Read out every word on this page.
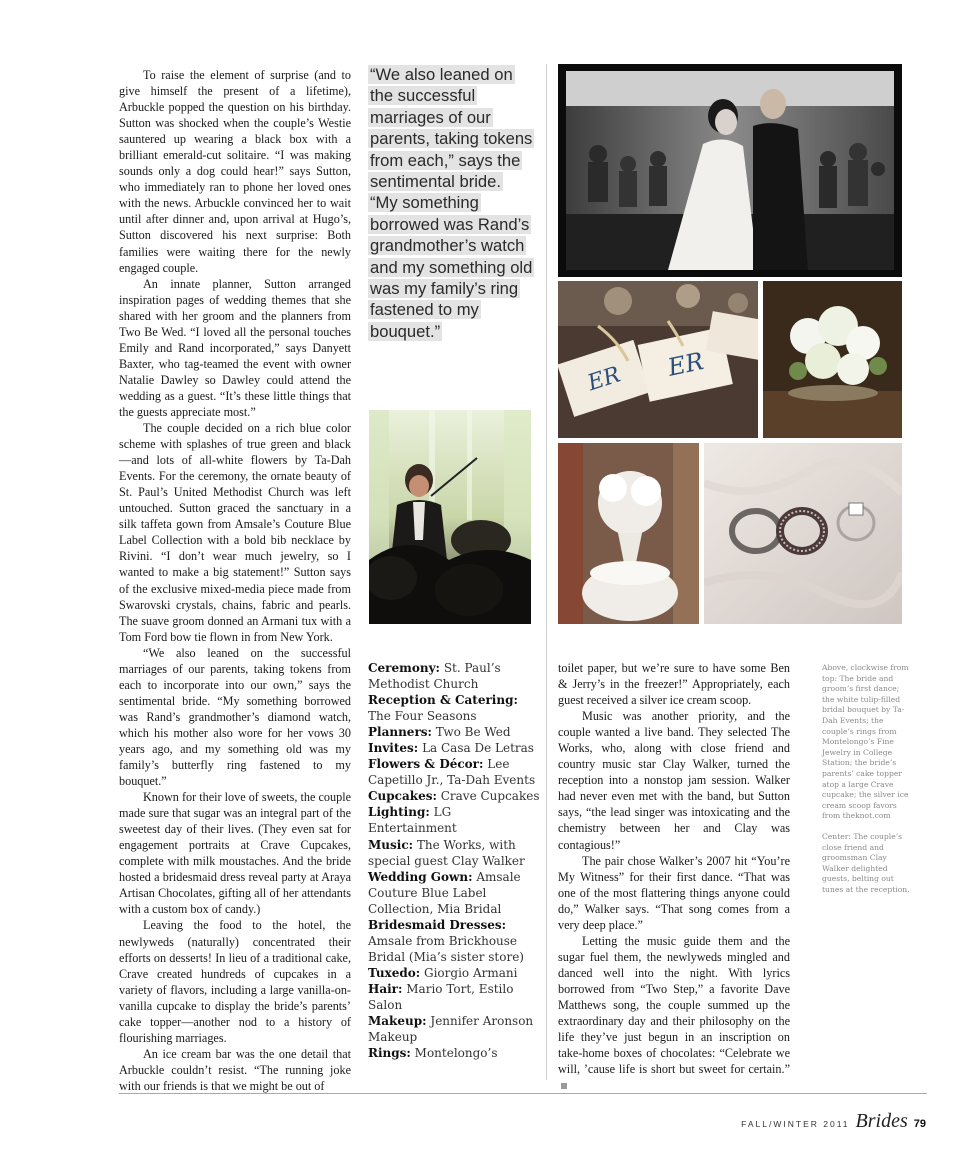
To raise the element of surprise (and to give himself the present of a lifetime), Arbuckle popped the question on his birthday. Sutton was shocked when the couple’s Westie sauntered up wearing a black box with a brilliant emerald-cut solitaire. “I was making sounds only a dog could hear!” says Sutton, who immediately ran to phone her loved ones with the news. Arbuckle convinced her to wait until after dinner and, upon arrival at Hugo’s, Sutton discovered his next surprise: Both families were waiting there for the newly engaged couple.

An innate planner, Sutton arranged inspiration pages of wedding themes that she shared with her groom and the planners from Two Be Wed. “I loved all the personal touches Emily and Rand incorporated,” says Danyett Baxter, who tag-teamed the event with owner Natalie Dawley so Dawley could attend the wedding as a guest. “It’s these little things that the guests appreciate most.”

The couple decided on a rich blue color scheme with splashes of true green and black—and lots of all-white flowers by Ta-Dah Events. For the ceremony, the ornate beauty of St. Paul’s United Methodist Church was left untouched. Sutton graced the sanctuary in a silk taffeta gown from Amsale’s Couture Blue Label Collection with a bold bib necklace by Rivini. “I don’t wear much jewelry, so I wanted to make a big statement!” Sutton says of the exclusive mixed-media piece made from Swarovski crystals, chains, fabric and pearls. The suave groom donned an Armani tux with a Tom Ford bow tie flown in from New York.

“We also leaned on the successful marriages of our parents, taking tokens from each to incorporate into our own,” says the sentimental bride. “My something borrowed was Rand’s grandmother’s diamond watch, which his mother also wore for her vows 30 years ago, and my something old was my family’s butterfly ring fastened to my bouquet.”

Known for their love of sweets, the couple made sure that sugar was an integral part of the sweetest day of their lives. (They even sat for engagement portraits at Crave Cupcakes, complete with milk moustaches. And the bride hosted a bridesmaid dress reveal party at Araya Artisan Chocolates, gifting all of her attendants with a custom box of candy.)

Leaving the food to the hotel, the newlyweds (naturally) concentrated their efforts on desserts! In lieu of a traditional cake, Crave created hundreds of cupcakes in a variety of flavors, including a large vanilla-on-vanilla cupcake to display the bride’s parents’ cake topper—another nod to a history of flourishing marriages.

An ice cream bar was the one detail that Arbuckle couldn’t resist. “The running joke with our friends is that we might be out of

“We also leaned on the successful marriages of our parents, taking tokens from each,” says the sentimental bride. “My something borrowed was Rand’s grandmother’s watch and my something old was my family’s ring fastened to my bouquet.”
Ceremony: St. Paul’s Methodist Church
Reception & Catering: The Four Seasons
Planners: Two Be Wed
Invites: La Casa De Letras
Flowers & Décor: Lee Capetillo Jr., Ta-Dah Events
Cupcakes: Crave Cupcakes
Lighting: LG Entertainment
Music: The Works, with special guest Clay Walker
Wedding Gown: Amsale Couture Blue Label Collection, Mia Bridal
Bridesmaid Dresses: Amsale from Brickhouse Bridal (Mia’s sister store)
Tuxedo: Giorgio Armani
Hair: Mario Tort, Estilo Salon
Makeup: Jennifer Aronson Makeup
Rings: Montelongo’s
ER ER

toilet paper, but we’re sure to have some Ben & Jerry’s in the freezer!” Appropriately, each guest received a silver ice cream scoop.

Music was another priority, and the couple wanted a live band. They selected The Works, who, along with close friend and country music star Clay Walker, turned the reception into a nonstop jam session. Walker had never even met with the band, but Sutton says, “the lead singer was intoxicating and the chemistry between her and Clay was contagious!”

The pair chose Walker’s 2007 hit “You’re My Witness” for their first dance. “That was one of the most flattering things anyone could do,” Walker says. “That song comes from a very deep place.”

Letting the music guide them and the sugar fuel them, the newlyweds mingled and danced well into the night. With lyrics borrowed from “Two Step,” a favorite Dave Matthews song, the couple summed up the extraordinary day and their philosophy on the life they’ve just begun in an inscription on take-home boxes of chocolates: “Celebrate we will, ’cause life is short but sweet for certain.”

Above, clockwise from top: The bride and groom’s first dance; the white tulip-filled bridal bouquet by Ta-Dah Events; the couple’s rings from Montelongo’s Fine Jewelry in College Station; the bride’s parents’ cake topper atop a large Crave cupcake; the silver ice cream scoop favors from theknot.com

Center: The couple’s close friend and groomsman Clay Walker delighted guests, belting out tunes at the reception.

FALL/WINTER 2011 Brides 79
